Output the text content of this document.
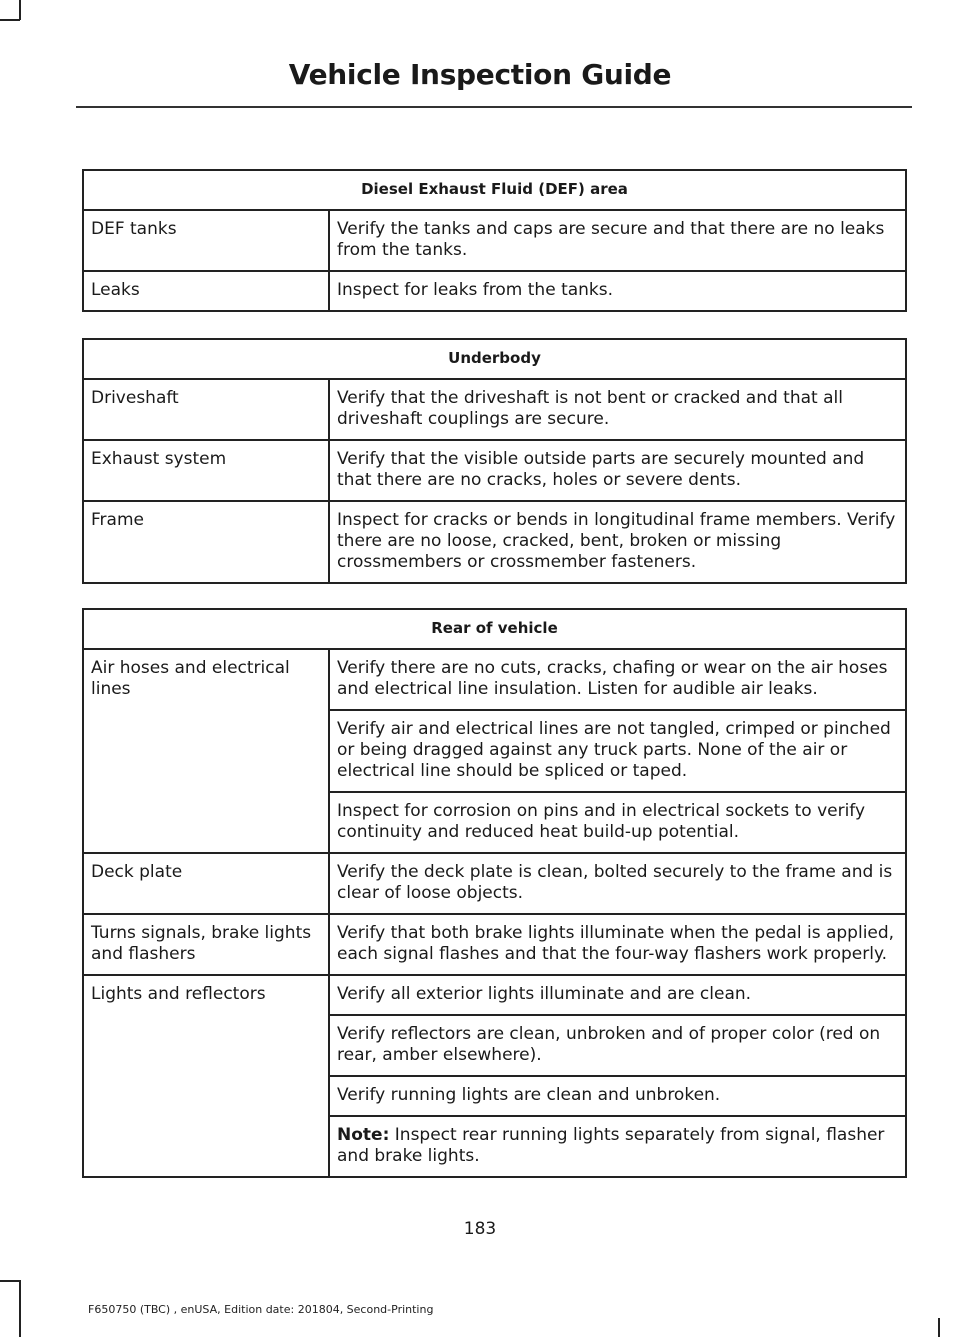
Vehicle Inspection Guide
Diesel Exhaust Fluid (DEF) area	
DEF tanks	Verify the tanks and caps are secure and that there are no leaks from the tanks.
Leaks	Inspect for leaks from the tanks.
Underbody	
Driveshaft	Verify that the driveshaft is not bent or cracked and that all driveshaft couplings are secure.
Exhaust system	Verify that the visible outside parts are securely mounted and that there are no cracks, holes or severe dents.
Frame	Inspect for cracks or bends in longitudinal frame members. Verify there are no loose, cracked, bent, broken or missing crossmembers or crossmember fasteners.
Rear of vehicle	
Air hoses and electrical lines	Verify there are no cuts, cracks, chafing or wear on the air hoses and electrical line insulation. Listen for audible air leaks.
	Verify air and electrical lines are not tangled, crimped or pinched or being dragged against any truck parts. None of the air or electrical line should be spliced or taped.
	Inspect for corrosion on pins and in electrical sockets to verify continuity and reduced heat build-up potential.
Deck plate	Verify the deck plate is clean, bolted securely to the frame and is clear of loose objects.
Turns signals, brake lights and flashers	Verify that both brake lights illuminate when the pedal is applied, each signal flashes and that the four-way flashers work properly.
Lights and reflectors	Verify all exterior lights illuminate and are clean.
	Verify reflectors are clean, unbroken and of proper color (red on rear, amber elsewhere).
	Verify running lights are clean and unbroken.
	Note: Inspect rear running lights separately from signal, flasher and brake lights.
183
F650750 (TBC) , enUSA, Edition date: 201804, Second-Printing
